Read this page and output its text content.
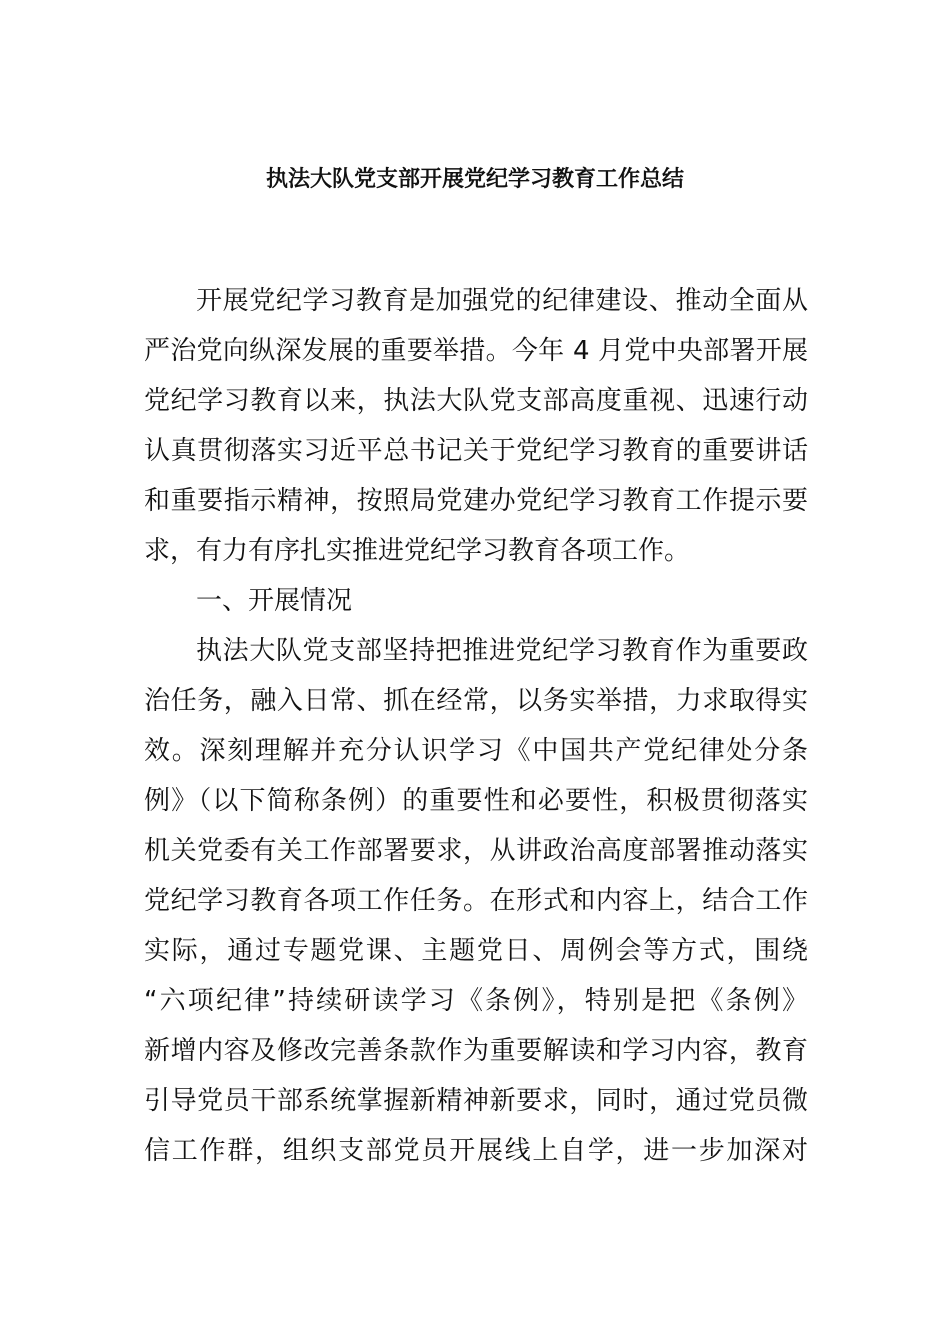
执法大队党支部开展党纪学习教育工作总结
开展党纪学习教育是加强党的纪律建设、推动全面从
严治党向纵深发展的重要举措。今年 4 月党中央部署开展
党纪学习教育以来，执法大队党支部高度重视、迅速行动
认真贯彻落实习近平总书记关于党纪学习教育的重要讲话
和重要指示精神，按照局党建办党纪学习教育工作提示要
求，有力有序扎实推进党纪学习教育各项工作。
一、开展情况
执法大队党支部坚持把推进党纪学习教育作为重要政
治任务，融入日常、抓在经常，以务实举措，力求取得实
效。深刻理解并充分认识学习《中国共产党纪律处分条
例》（以下简称条例）的重要性和必要性，积极贯彻落实
机关党委有关工作部署要求，从讲政治高度部署推动落实
党纪学习教育各项工作任务。在形式和内容上，结合工作
实际，通过专题党课、主题党日、周例会等方式，围绕
“六项纪律”持续研读学习《条例》，特别是把《条例》
新增内容及修改完善条款作为重要解读和学习内容，教育
引导党员干部系统掌握新精神新要求，同时，通过党员微
信工作群，组织支部党员开展线上自学，进一步加深对
